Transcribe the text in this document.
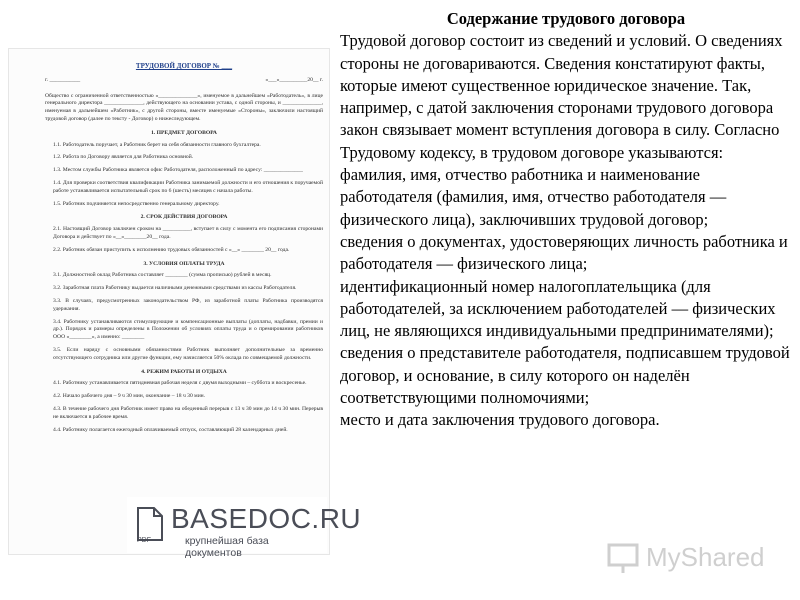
ТРУДОВОЙ ДОГОВОР № ___
г. ___________	«___»__________20__ г.
Общество с ограниченной ответственностью «______________», именуемое в дальнейшем «Работодатель», в лице генерального директора ______________, действующего на основании устава, с одной стороны, и ______________, именуемая в дальнейшем «Работник», с другой стороны, вместе именуемые «Стороны», заключили настоящий трудовой договор (далее по тексту - Договор) о нижеследующем.
1. ПРЕДМЕТ ДОГОВОРА
1.1. Работодатель поручает, а Работник берет на себя обязанности главного бухгалтера.
1.2. Работа по Договору является для Работника основной.
1.3. Местом службы Работника является офис Работодателя, расположенный по адресу: ______________
1.4. Для проверки соответствия квалификации Работника занимаемой должности и его отношения к поручаемой работе устанавливается испытательный срок по 6 (шесть) месяцев с начала работы.
1.5. Работник подчиняется непосредственно генеральному директору.
2. СРОК ДЕЙСТВИЯ ДОГОВОРА
2.1. Настоящий Договор заключен сроком на __________, вступает в силу с момента его подписания сторонами Договора и действует по «__»________20__ года.
2.2. Работник обязан приступить к исполнению трудовых обязанностей с «__» ________ 20__ года.
3. УСЛОВИЯ ОПЛАТЫ ТРУДА
3.1. Должностной оклад Работника составляет ________ (сумма прописью) рублей в месяц.
3.2. Заработная плата Работнику выдается наличными денежными средствами из кассы Работодателя.
3.3. В случаях, предусмотренных законодательством РФ, из заработной платы Работника производятся удержания.
3.4. Работнику устанавливаются стимулирующие и компенсационные выплаты (доплаты, надбавки, премии и др.). Порядок и размеры определены в Положении об условиях оплаты труда и о премировании работников ООО «________», а именно: ________
3.5. Если наряду с основными обязанностями Работник выполняет дополнительные за временно отсутствующего сотрудника или другие функции, ему начисляется 50% оклада по совмещаемой должности.
4. РЕЖИМ РАБОТЫ И ОТДЫХА
4.1. Работнику устанавливается пятидневная рабочая неделя с двумя выходными – суббота и воскресенье.
4.2. Начало рабочего дня – 9 ч 30 мин, окончание – 18 ч 30 мин.
4.3. В течение рабочего дня Работник имеет право на обеденный перерыв с 13 ч 30 мин до 14 ч 30 мин. Перерыв не включается в рабочее время.
4.4. Работнику полагается ежегодный оплачиваемый отпуск, составляющий 28 календарных дней.
PDF
BASEDOC.RU
крупнейшая база документов

Содержание трудового договора

Трудовой договор состоит из сведений и условий. О сведениях стороны не договариваются. Сведения констатируют факты, которые имеют существенное юридическое значение. Так, например, с датой заключения сторонами трудового договора закон связывает момент вступления договора в силу. Согласно Трудовому кодексу, в трудовом договоре указываются:

фамилия, имя, отчество работника и наименование работодателя (фамилия, имя, отчество работодателя — физического лица), заключивших трудовой договор;

сведения о документах, удостоверяющих личность работника и работодателя — физического лица;

идентификационный номер налогоплательщика (для работодателей, за исключением работодателей — физических лиц, не являющихся индивидуальными предпринимателями);

сведения о представителе работодателя, подписавшем трудовой договор, и основание, в силу которого он наделён соответствующими полномочиями;

место и дата заключения трудового договора.

MyShared
